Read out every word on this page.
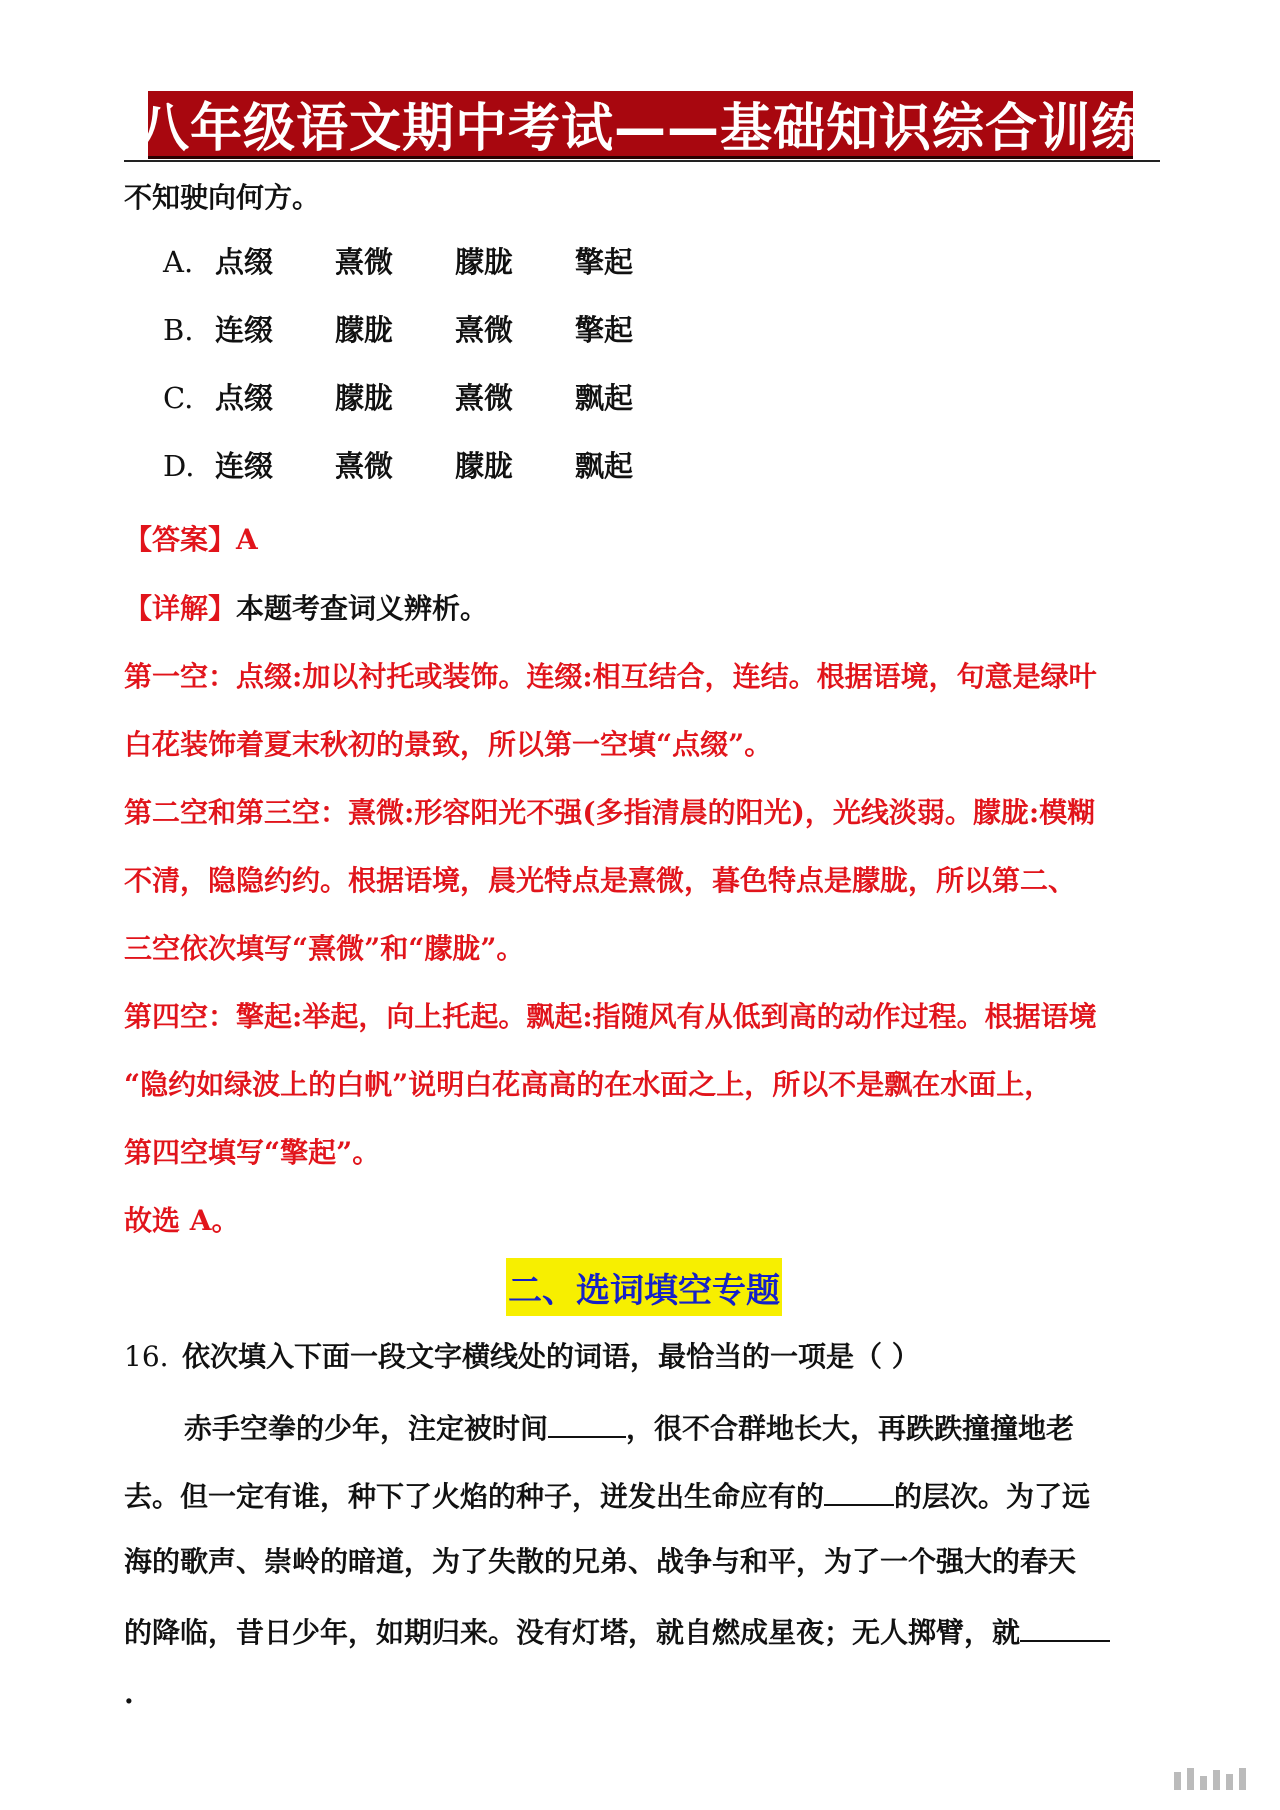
八年级语文期中考试——基础知识综合训练
不知驶向何方。
A. 点缀 熹微 朦胧 擎起
B. 连缀 朦胧 熹微 擎起
C. 点缀 朦胧 熹微 飘起
D. 连缀 熹微 朦胧 飘起
【答案】A
【详解】本题考查词义辨析。
第一空：点缀:加以衬托或装饰。连缀:相互结合，连结。根据语境，句意是绿叶
白花装饰着夏末秋初的景致，所以第一空填“点缀”。
第二空和第三空：熹微:形容阳光不强(多指清晨的阳光)，光线淡弱。朦胧:模糊
不清，隐隐约约。根据语境，晨光特点是熹微，暮色特点是朦胧，所以第二、
三空依次填写“熹微”和“朦胧”。
第四空：擎起:举起，向上托起。飘起:指随风有从低到高的动作过程。根据语境
“隐约如绿波上的白帆”说明白花高高的在水面之上，所以不是飘在水面上，
第四空填写“擎起”。
故选 A。
二、选词填空专题
16. 依次填入下面一段文字横线处的词语，最恰当的一项是（ ）
赤手空拳的少年，注定被时间	，很不合群地长大，再跌跌撞撞地老
去。但一定有谁，种下了火焰的种子，迸发出生命应有的	的层次。为了远
海的歌声、崇岭的暗道，为了失散的兄弟、战争与和平，为了一个强大的春天
的降临，昔日少年，如期归来。没有灯塔，就自燃成星夜；无人掷臂，就
.
